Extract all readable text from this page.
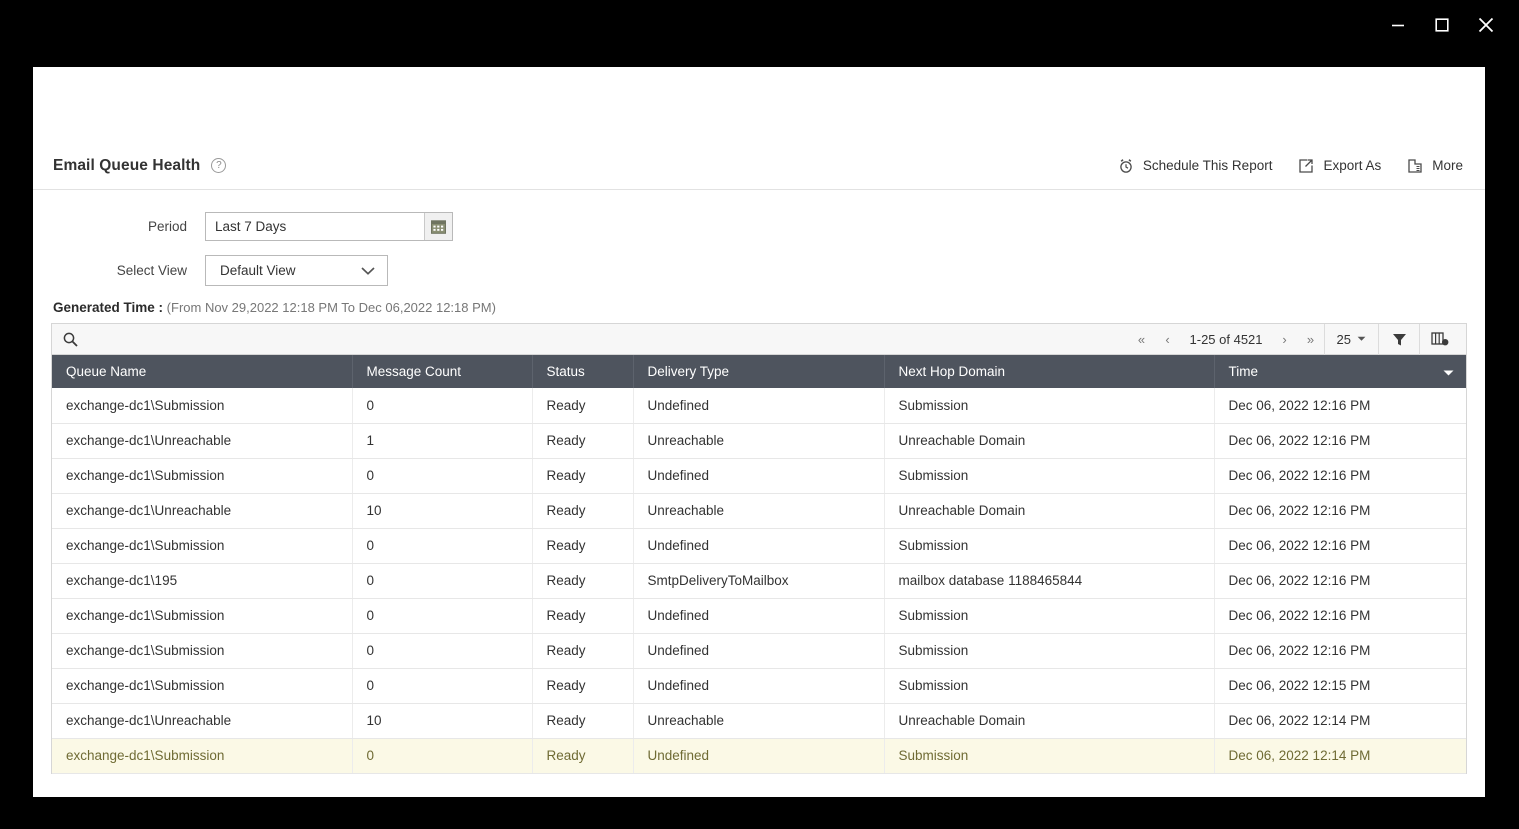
Email Queue Health	?	Schedule This Report	Export As	More
Period	Last 7 Days
Select View	Default View
Generated Time : (From Nov 29,2022 12:18 PM To Dec 06,2022 12:18 PM)
«	‹	1-25 of 4521	›	»	25
Queue Name	Message Count	Status	Delivery Type	Next Hop Domain	Time

exchange-dc1\Submission	0	Ready	Undefined	Submission	Dec 06, 2022 12:16 PM
exchange-dc1\Unreachable	1	Ready	Unreachable	Unreachable Domain	Dec 06, 2022 12:16 PM
exchange-dc1\Submission	0	Ready	Undefined	Submission	Dec 06, 2022 12:16 PM
exchange-dc1\Unreachable	10	Ready	Unreachable	Unreachable Domain	Dec 06, 2022 12:16 PM
exchange-dc1\Submission	0	Ready	Undefined	Submission	Dec 06, 2022 12:16 PM
exchange-dc1\195	0	Ready	SmtpDeliveryToMailbox	mailbox database 1188465844	Dec 06, 2022 12:16 PM
exchange-dc1\Submission	0	Ready	Undefined	Submission	Dec 06, 2022 12:16 PM
exchange-dc1\Submission	0	Ready	Undefined	Submission	Dec 06, 2022 12:16 PM
exchange-dc1\Submission	0	Ready	Undefined	Submission	Dec 06, 2022 12:15 PM
exchange-dc1\Unreachable	10	Ready	Unreachable	Unreachable Domain	Dec 06, 2022 12:14 PM
exchange-dc1\Submission	0	Ready	Undefined	Submission	Dec 06, 2022 12:14 PM
